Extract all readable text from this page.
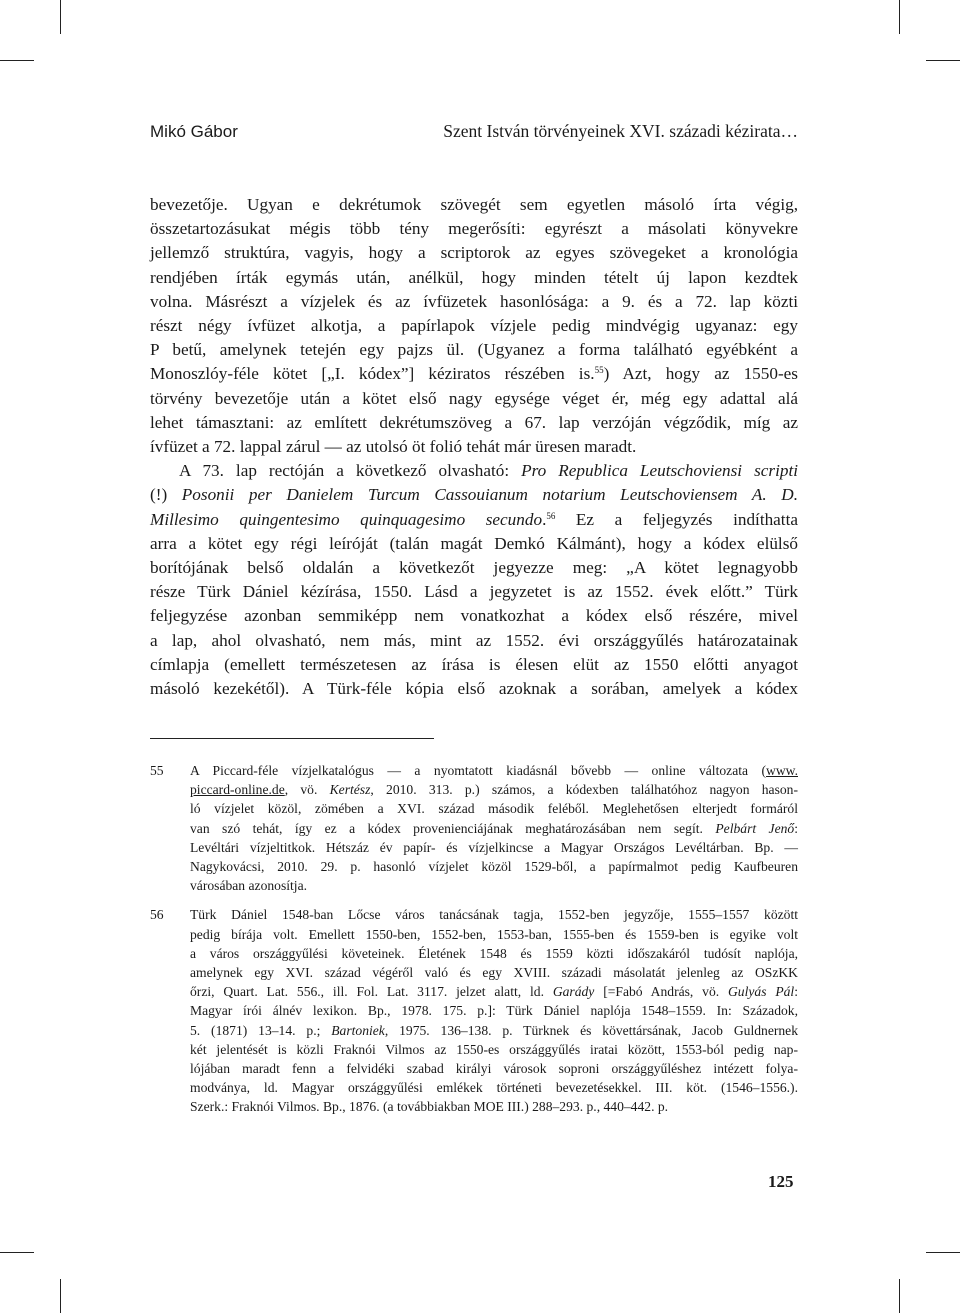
Mikó Gábor	Szent István törvényeinek XVI. századi kézirata…

bevezetője. Ugyan e dekrétumok szövegét sem egyetlen másoló írta végig,
összetartozásukat mégis több tény megerősíti: egyrészt a másolati könyvekre
jellemző struktúra, vagyis, hogy a scriptorok az egyes szövegeket a kronológia
rendjében írták egymás után, anélkül, hogy minden tételt új lapon kezdtek
volna. Másrészt a vízjelek és az ívfüzetek hasonlósága: a 9. és a 72. lap közti
részt négy ívfüzet alkotja, a papírlapok vízjele pedig mindvégig ugyanaz: egy
P betű, amelynek tetején egy pajzs ül. (Ugyanez a forma található egyébként a
Monoszlóy-féle kötet [„I. kódex”] kéziratos részében is.$^{55}$) Azt, hogy az 1550-es
törvény bevezetője után a kötet első nagy egysége véget ér, még egy adattal alá
lehet támasztani: az említett dekrétumszöveg a 67. lap verzóján végződik, míg az
ívfüzet a 72. lappal zárul — az utolsó öt folió tehát már üresen maradt.

A 73. lap rectóján a következő olvasható: Pro Republica Leutschoviensi scripti
(!) Posonii per Danielem Turcum Cassouianum notarium Leutschoviensem A. D.
Millesimo quingentesimo quinquagesimo secundo.$^{56}$ Ez a feljegyzés indíthatta
arra a kötet egy régi leíróját (talán magát Demkó Kálmánt), hogy a kódex elülső
borítójának belső oldalán a következőt jegyezze meg: „A kötet legnagyobb
része Türk Dániel kézírása, 1550. Lásd a jegyzetet is az 1552. évek előtt.” Türk
feljegyzése azonban semmiképp nem vonatkozhat a kódex első részére, mivel
a lap, ahol olvasható, nem más, mint az 1552. évi országgyűlés határozatainak
címlapja (emellett természetesen az írása is élesen elüt az 1550 előtti anyagot
másoló kezekétől). A Türk-féle kópia első azoknak a sorában, amelyek a kódex

55	A Piccard-féle vízjelkatalógus — a nyomtatott kiadásnál bővebb — online változata (www.
piccard-online.de, vö. Kertész, 2010. 313. p.) számos, a kódexben találhatóhoz nagyon hason-
ló vízjelet közöl, zömében a XVI. század második feléből. Meglehetősen elterjedt formáról
van szó tehát, így ez a kódex provenienciájának meghatározásában nem segít. Pelbárt Jenő:
Levéltári vízjeltitkok. Hétszáz év papír- és vízjelkincse a Magyar Országos Levéltárban. Bp. —
Nagykovácsi, 2010. 29. p. hasonló vízjelet közöl 1529-ből, a papírmalmot pedig Kaufbeuren
városában azonosítja.
56	Türk Dániel 1548-ban Lőcse város tanácsának tagja, 1552-ben jegyzője, 1555–1557 között
pedig bírája volt. Emellett 1550-ben, 1552-ben, 1553-ban, 1555-ben és 1559-ben is egyike volt
a város országgyűlési követeinek. Életének 1548 és 1559 közti időszakáról tudósít naplója,
amelynek egy XVI. század végéről való és egy XVIII. századi másolatát jelenleg az OSzKK
őrzi, Quart. Lat. 556., ill. Fol. Lat. 3117. jelzet alatt, ld. Garády [=Fabó András, vö. Gulyás Pál:
Magyar írói álnév lexikon. Bp., 1978. 175. p.]: Türk Dániel naplója 1548–1559. In: Századok,
5. (1871) 13–14. p.; Bartoniek, 1975. 136–138. p. Türknek és követtársának, Jacob Guldnernek
két jelentését is közli Fraknói Vilmos az 1550-es országgyűlés iratai között, 1553-ból pedig nap-
lójában maradt fenn a felvidéki szabad királyi városok soproni országgyűléshez intézett folya-
modványa, ld. Magyar országgyűlési emlékek történeti bevezetésekkel. III. köt. (1546–1556.).
Szerk.: Fraknói Vilmos. Bp., 1876. (a továbbiakban MOE III.) 288–293. p., 440–442. p.
125
